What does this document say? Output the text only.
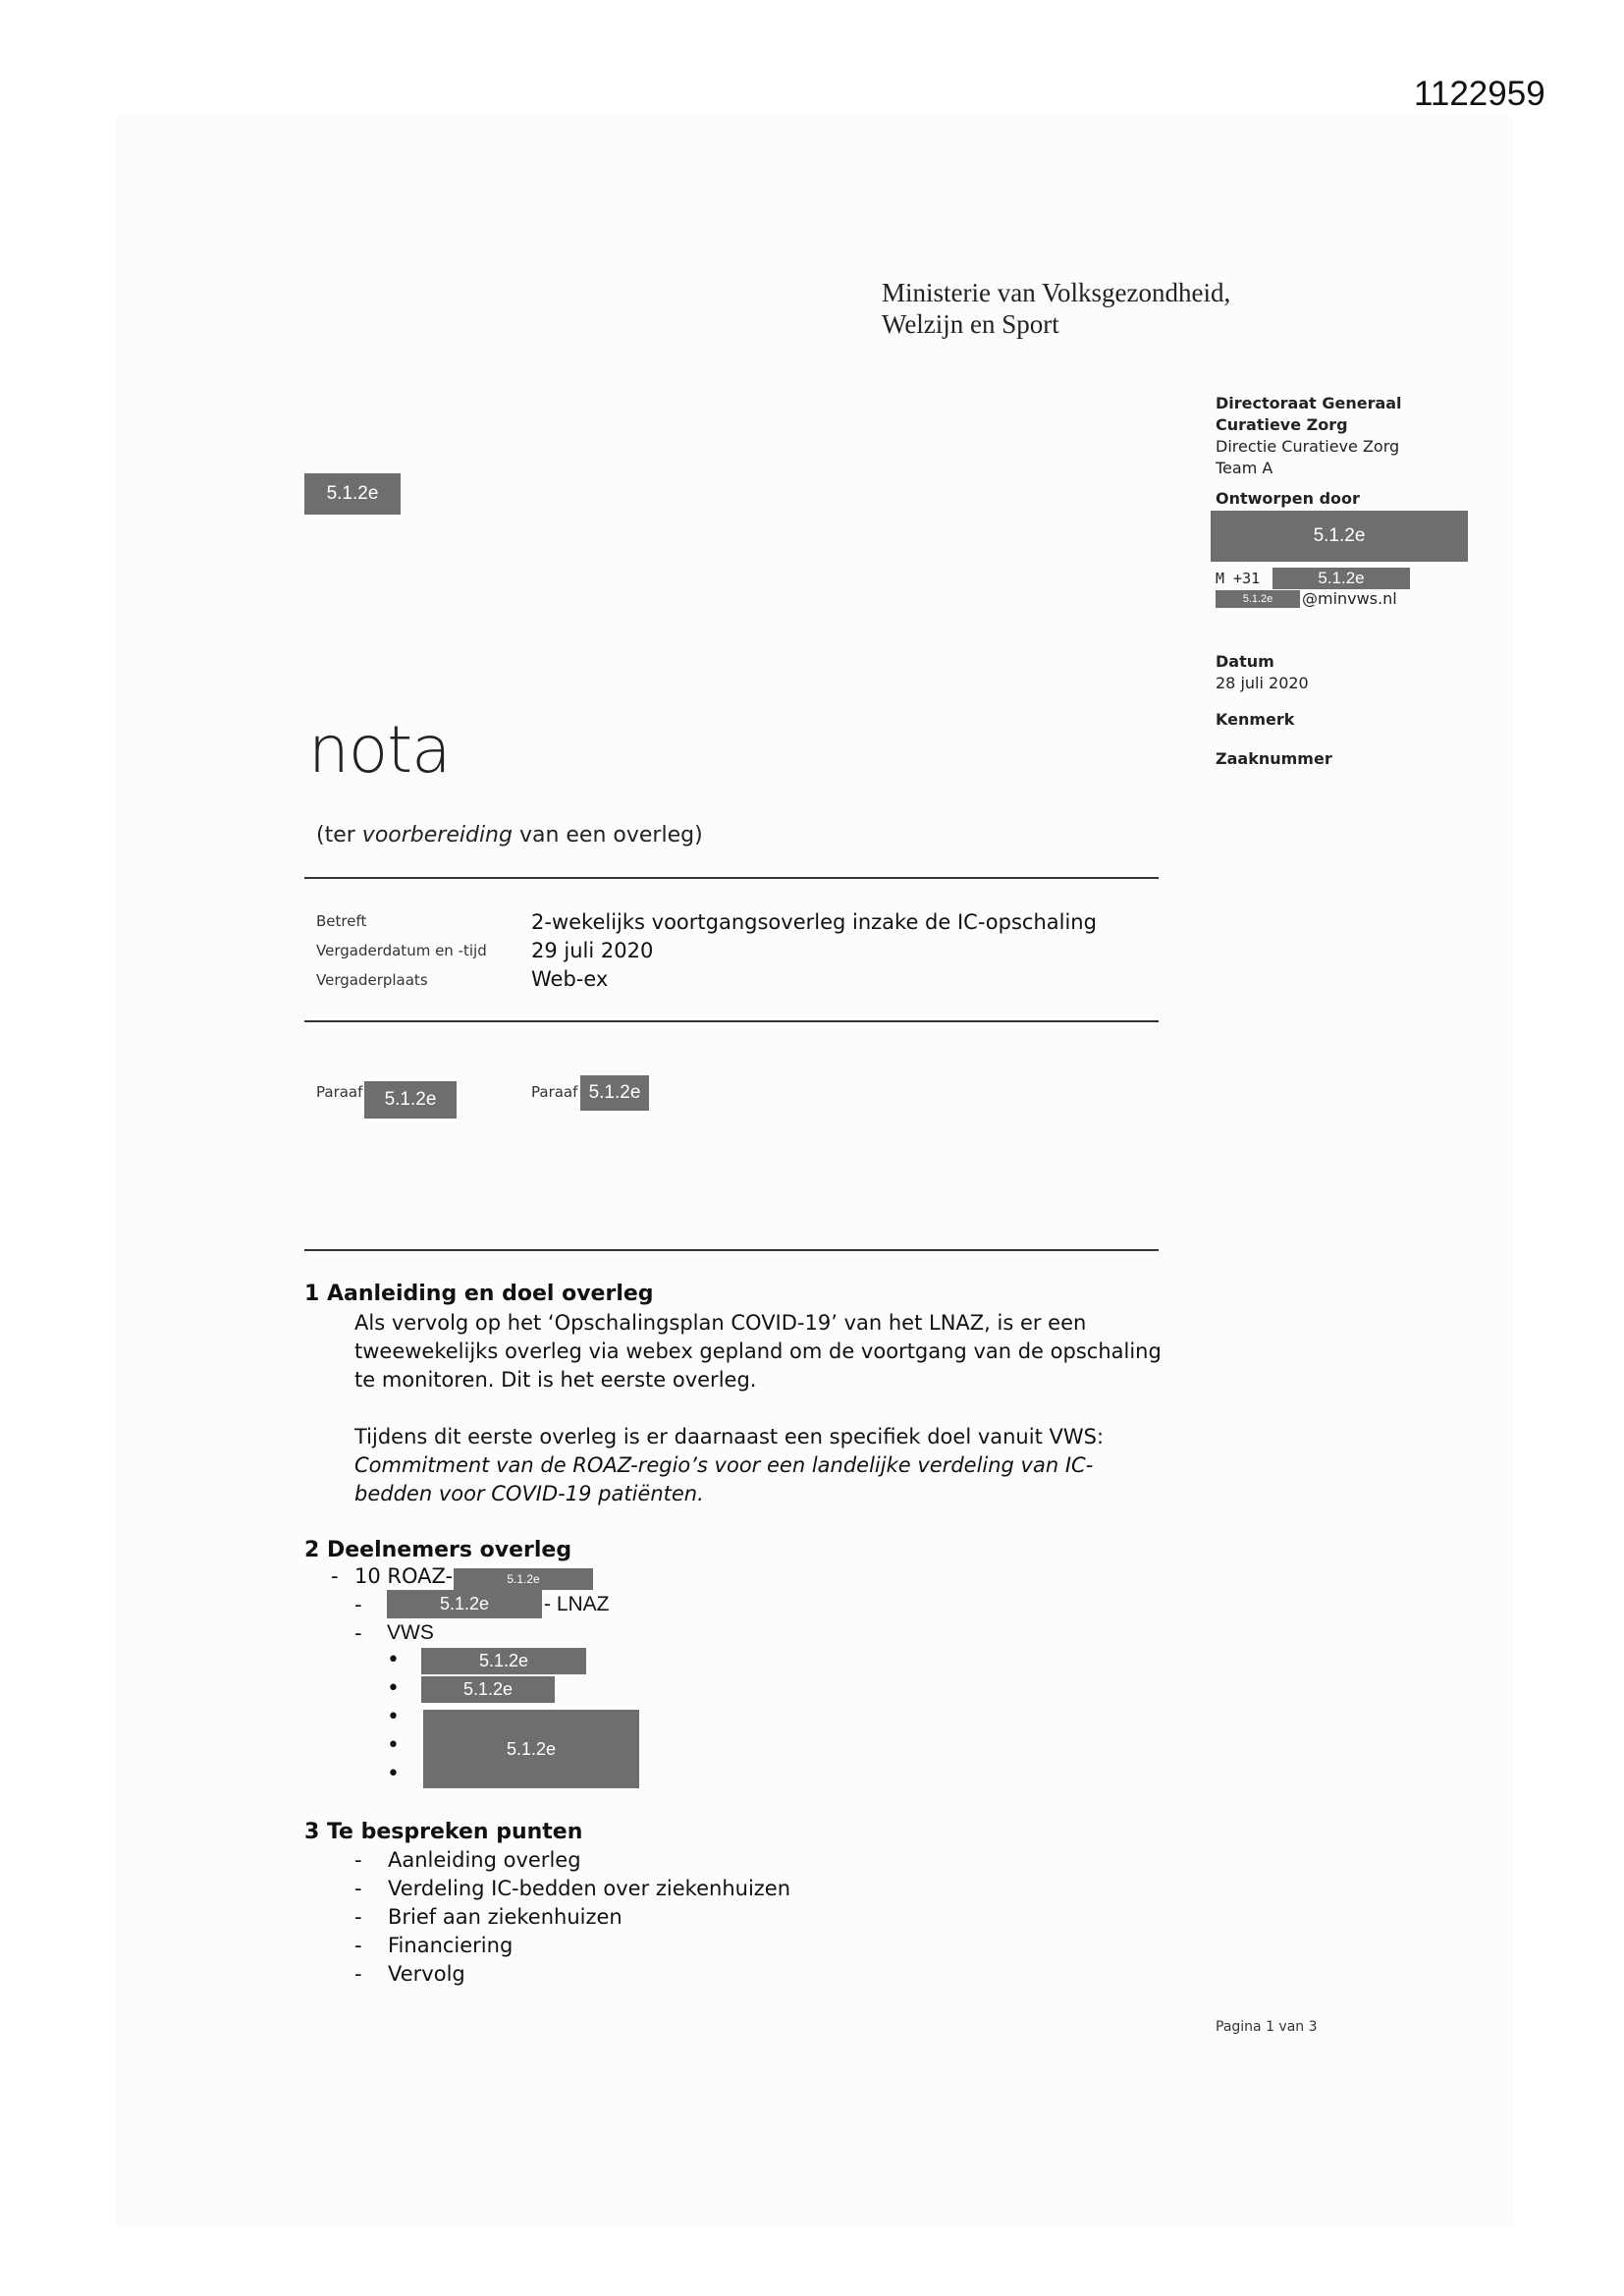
1122959
Ministerie van Volksgezondheid,
Welzijn en Sport
5.1.2e
Directoraat Generaal
Curatieve Zorg
Directie Curatieve Zorg
Team A
Ontworpen door
5.1.2e
M +31	5.1.2e
5.1.2e	@minvws.nl
Datum
28 juli 2020
Kenmerk
Zaaknummer
nota
(ter voorbereiding van een overleg)
Betreft	2-wekelijks voortgangsoverleg inzake de IC-opschaling
Vergaderdatum en -tijd 29 juli 2020
Vergaderplaats	Web-ex
Paraaf	5.1.2e	Paraaf 5.1.2e
1 Aanleiding en doel overleg
Als vervolg op het ‘Opschalingsplan COVID-19’ van het LNAZ, is er een
tweewekelijks overleg via webex gepland om de voortgang van de opschaling
te monitoren. Dit is het eerste overleg.
Tijdens dit eerste overleg is er daarnaast een specifiek doel vanuit VWS:
Commitment van de ROAZ-regio’s voor een landelijke verdeling van IC-
bedden voor COVID-19 patiënten.
2 Deelnemers overleg
- 10 ROAZ-	5.1.2e
-	5.1.2e	- LNAZ
- VWS
•	5.1.2e
•	5.1.2e
•
•
•
5.1.2e
3 Te bespreken punten
- Aanleiding overleg
- Verdeling IC-bedden over ziekenhuizen
- Brief aan ziekenhuizen
- Financiering
- Vervolg
Pagina 1 van 3
